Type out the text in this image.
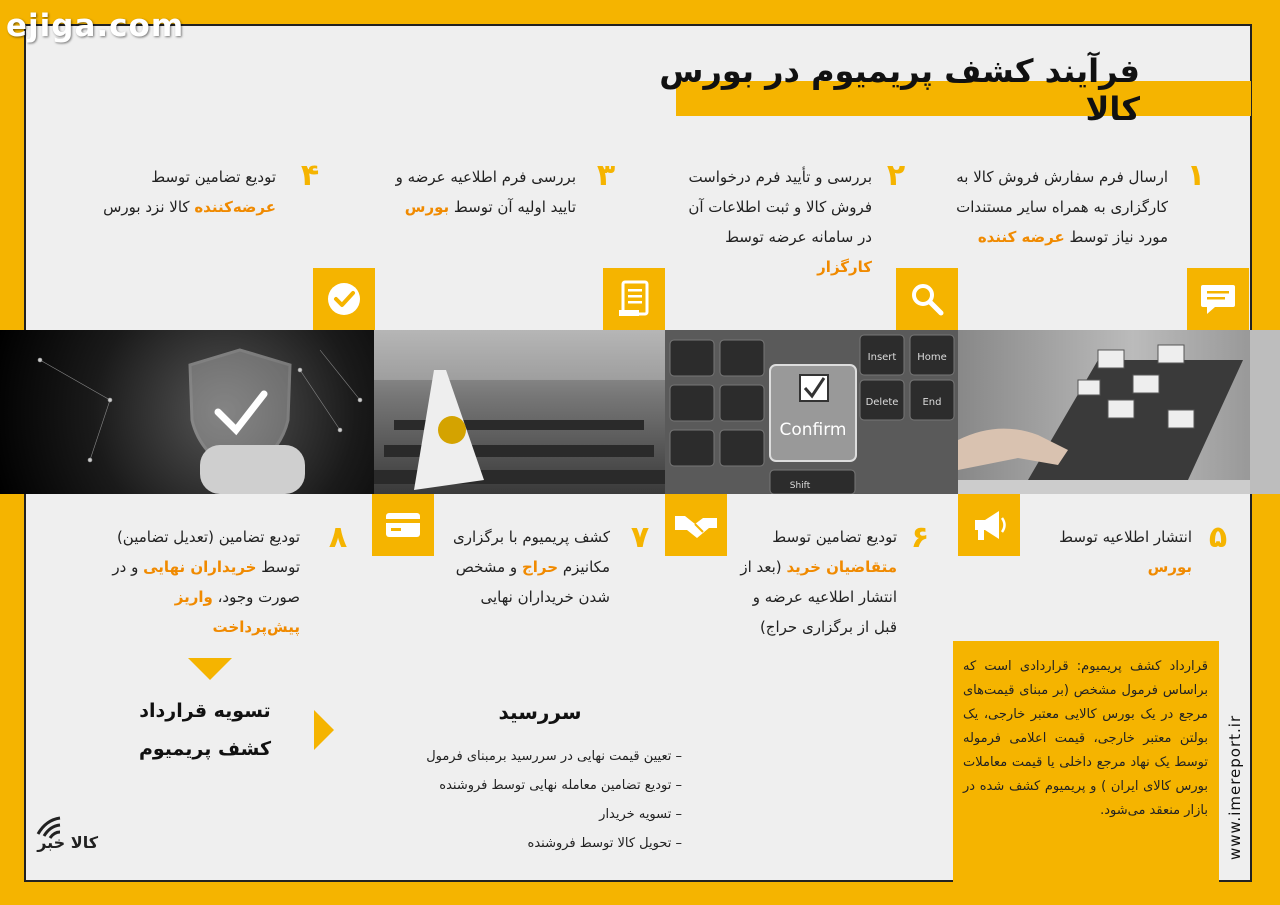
ejiga.com
فرآیند کشف پریمیوم در بورس کالا
۱
ارسال فرم سفارش فروش کالا به کارگزاری به همراه سایر مستندات مورد نیاز توسط عرضه کننده
۲
بررسی و تأیید فرم درخواست فروش کالا و ثبت اطلاعات آن در سامانه عرضه توسط کارگزار
۳
بررسی فرم اطلاعیه عرضه و تایید اولیه آن توسط بورس
۴
تودیع تضامین توسط عرضه‌کننده کالا نزد بورس
Confirm
Insert Home
Delete End
Shift
۵
انتشار اطلاعیه توسط بورس
۶
تودیع تضامین توسط متقاضیان خرید (بعد از انتشار اطلاعیه عرضه و قبل از برگزاری حراج)
۷
کشف پریمیوم با برگزاری مکانیزم حراج و مشخص شدن خریداران نهایی
۸
تودیع تضامین (تعدیل تضامین) توسط خریداران نهایی و در صورت وجود، واریز پیش‌پرداخت
تسویه قرارداد
کشف پریمیوم
سررسید
– تعیین قیمت نهایی در سررسید برمبنای فرمول
– تودیع تضامین معامله نهایی توسط فروشنده
– تسویه خریدار
– تحویل کالا توسط فروشنده
قرارداد کشف پریمیوم: قراردادی است که براساس فرمول مشخص (بر مبنای قیمت‌های مرجع در یک بورس کالایی معتبر خارجی، یک بولتن معتبر خارجی، قیمت اعلامی فرموله توسط یک نهاد مرجع داخلی یا قیمت معاملات بورس کالای ایران ) و پریمیوم کشف شده در بازار منعقد می‌شود. www.imereport.ir
کالا خبر
